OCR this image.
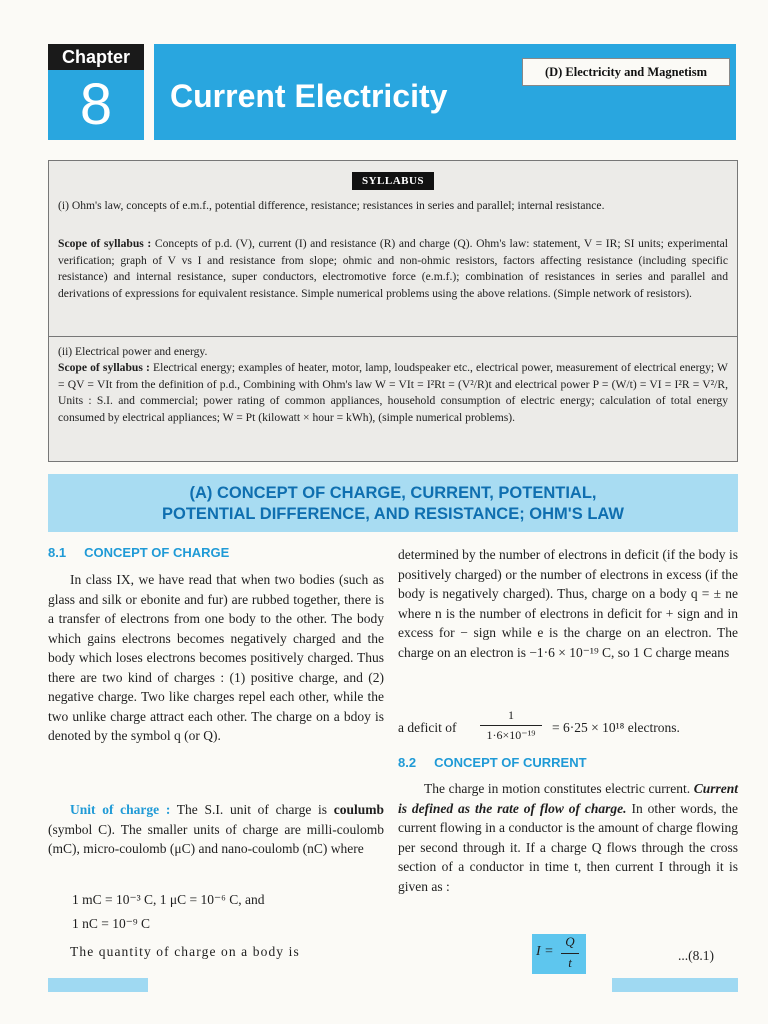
Chapter
8	Current Electricity
(D) Electricity and Magnetism
SYLLABUS
(i) Ohm's law, concepts of e.m.f., potential difference, resistance; resistances in series and parallel; internal resistance.
Scope of syllabus : Concepts of p.d. (V), current (I) and resistance (R) and charge (Q). Ohm's law: statement, V = IR; SI units; experimental verification; graph of V vs I and resistance from slope; ohmic and non-ohmic resistors, factors affecting resistance (including specific resistance) and internal resistance, super conductors, electromotive force (e.m.f.); combination of resistances in series and parallel and derivations of expressions for equivalent resistance. Simple numerical problems using the above relations. (Simple network of resistors).
(ii) Electrical power and energy.
Scope of syllabus : Electrical energy; examples of heater, motor, lamp, loudspeaker etc., electrical power, measurement of electrical energy; W = QV = VIt from the definition of p.d., Combining with Ohm's law W = VIt = I²Rt = (V²/R)t and electrical power P = (W/t) = VI = I²R = V²/R, Units : S.I. and commercial; power rating of common appliances, household consumption of electric energy; calculation of total energy consumed by electrical appliances; W = Pt (kilowatt × hour = kWh), (simple numerical problems).
(A) CONCEPT OF CHARGE, CURRENT, POTENTIAL,
POTENTIAL DIFFERENCE, AND RESISTANCE; OHM'S LAW
8.1     CONCEPT OF CHARGE
In class IX, we have read that when two bodies (such as glass and silk or ebonite and fur) are rubbed together, there is a transfer of electrons from one body to the other. The body which gains electrons becomes negatively charged and the body which loses electrons becomes positively charged. Thus there are two kind of charges : (1) positive charge, and (2) negative charge. Two like charges repel each other, while the two unlike charge attract each other. The charge on a bdoy is denoted by the symbol q (or Q).
Unit of charge : The S.I. unit of charge is coulumb (symbol C). The smaller units of charge are milli-coulomb (mC), micro-coulomb (μC) and nano-coulomb (nC) where
1 mC = 10⁻³ C, 1 μC = 10⁻⁶ C, and
1 nC = 10⁻⁹ C
The quantity of charge on a body is
determined by the number of electrons in deficit (if the body is positively charged) or the number of electrons in excess (if the body is negatively charged). Thus, charge on a body q = ± ne where n is the number of electrons in deficit for + sign and in excess for − sign while e is the charge on an electron. The charge on an electron is −1·6 × 10⁻¹⁹ C, so 1 C charge means
a deficit of
1
1·6×10⁻¹⁹	= 6·25 × 10¹⁸ electrons.
8.2     CONCEPT OF CURRENT
The charge in motion constitutes electric current. Current is defined as the rate of flow of charge. In other words, the current flowing in a conductor is the amount of charge flowing per second through it. If a charge Q flows through the cross section of a conductor in time t, then current I through it is given as :
I =
Q
t	...(8.1)
